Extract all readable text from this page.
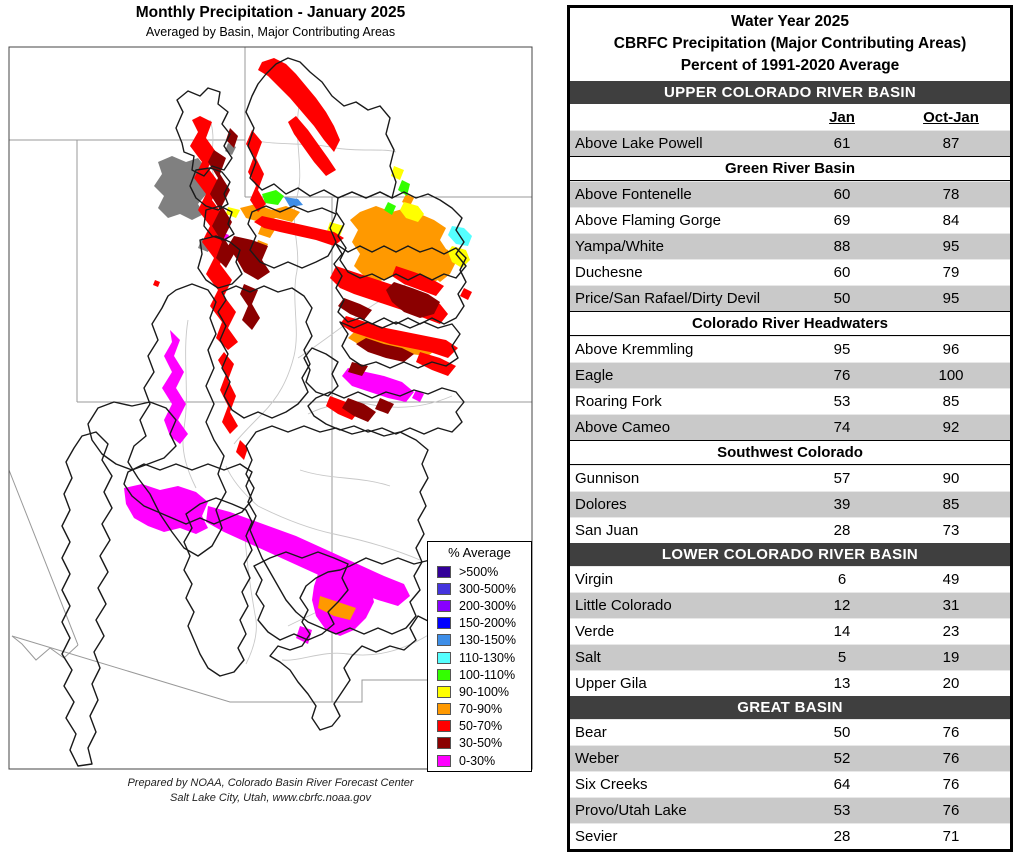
Monthly Precipitation - January 2025
Averaged by Basin, Major Contributing Areas
% Average
>500%
300-500%
200-300%
150-200%
130-150%
110-130%
100-110%
90-100%
70-90%
50-70%
30-50%
0-30%
Prepared by NOAA, Colorado Basin River Forecast Center
Salt Lake City, Utah, www.cbrfc.noaa.gov
Water Year 2025
CBRFC Precipitation (Major Contributing Areas)
Percent of 1991-2020 Average
UPPER COLORADO RIVER BASIN
Jan	Oct-Jan
Above Lake Powell	61	87
Green River Basin
Above Fontenelle	60	78
Above Flaming Gorge	69	84
Yampa/White	88	95
Duchesne	60	79
Price/San Rafael/Dirty Devil	50	95
Colorado River Headwaters
Above Kremmling	95	96
Eagle	76	100
Roaring Fork	53	85
Above Cameo	74	92
Southwest Colorado
Gunnison	57	90
Dolores	39	85
San Juan	28	73
LOWER COLORADO RIVER BASIN
Virgin	6	49
Little Colorado	12	31
Verde	14	23
Salt	5	19
Upper Gila	13	20
GREAT BASIN
Bear	50	76
Weber	52	76
Six Creeks	64	76
Provo/Utah Lake	53	76
Sevier	28	71
